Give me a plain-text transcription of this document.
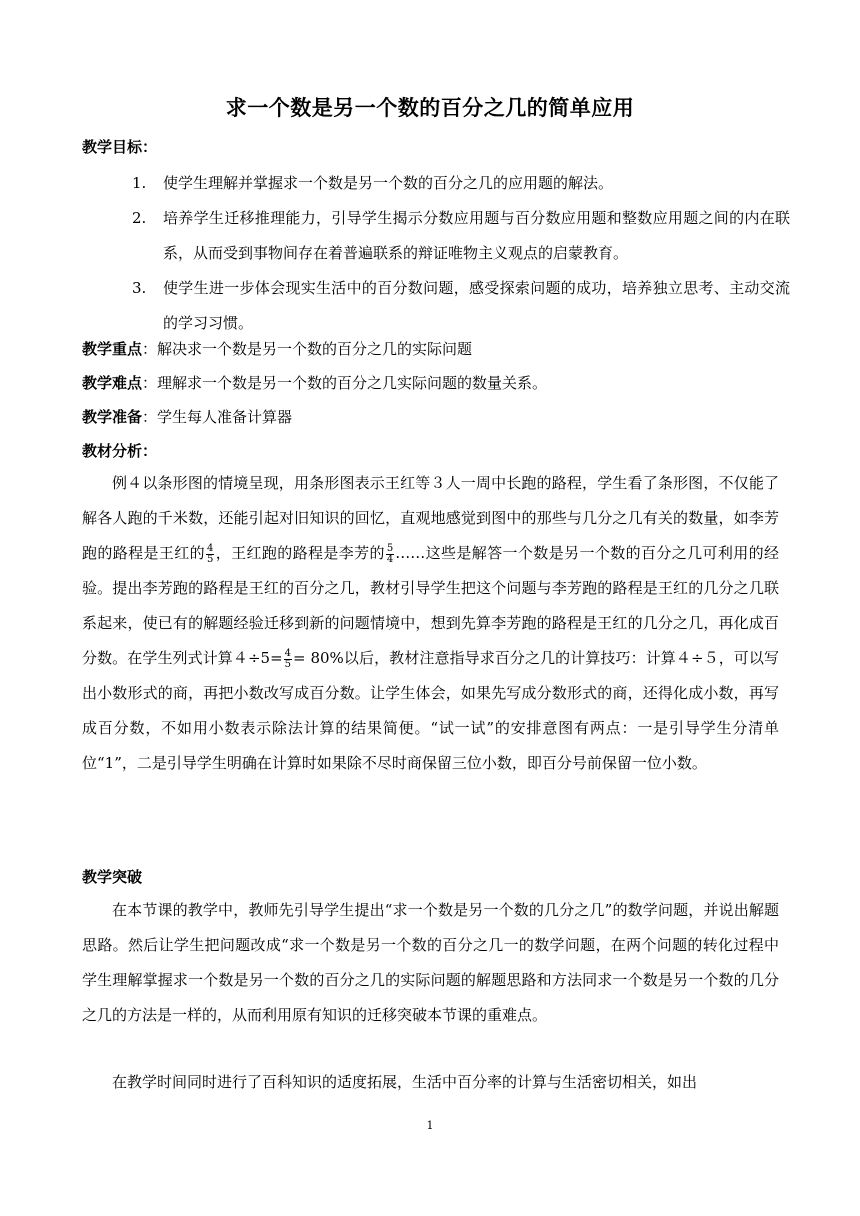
求一个数是另一个数的百分之几的简单应用
教学目标：
1. 使学生理解并掌握求一个数是另一个数的百分之几的应用题的解法。
2. 培养学生迁移推理能力，引导学生揭示分数应用题与百分数应用题和整数应用题之间的内在联系，从而受到事物间存在着普遍联系的辩证唯物主义观点的启蒙教育。
3. 使学生进一步体会现实生活中的百分数问题，感受探索问题的成功，培养独立思考、主动交流的学习习惯。
教学重点：解决求一个数是另一个数的百分之几的实际问题
教学难点：理解求一个数是另一个数的百分之几实际问题的数量关系。
教学准备：学生每人准备计算器
教材分析：

例４以条形图的情境呈现，用条形图表示王红等３人一周中长跑的路程，学生看了条形图，不仅能了解各人跑的千米数，还能引起对旧知识的回忆，直观地感觉到图中的那些与几分之几有关的数量，如李芳跑的路程是王红的 $\frac{4}{5}$ ，王红跑的路程是李芳的 $\frac{5}{4}$ ……这些是解答一个数是另一个数的百分之几可利用的经验。提出李芳跑的路程是王红的百分之几，教材引导学生把这个问题与李芳跑的路程是王红的几分之几联系起来，使已有的解题经验迁移到新的问题情境中，想到先算李芳跑的路程是王红的几分之几，再化成百分数。在学生列式计算$4\div 5= \frac{4}{5} = 80\%$以后，教材注意指导求百分之几的计算技巧：计算４÷５，可以写出小数形式的商，再把小数改写成百分数。让学生体会，如果先写成分数形式的商，还得化成小数，再写成百分数，不如用小数表示除法计算的结果简便。“试一试”的安排意图有两点：一是引导学生分清单位“1”，二是引导学生明确在计算时如果除不尽时商保留三位小数，即百分号前保留一位小数。

教学突破

在本节课的教学中，教师先引导学生提出“求一个数是另一个数的几分之几”的数学问题，并说出解题思路。然后让学生把问题改成“求一个数是另一个数的百分之几一的数学问题，在两个问题的转化过程中学生理解掌握求一个数是另一个数的百分之几的实际问题的解题思路和方法同求一个数是另一个数的几分之几的方法是一样的，从而利用原有知识的迁移突破本节课的重难点。

在教学时间同时进行了百科知识的适度拓展，生活中百分率的计算与生活密切相关，如出

1
